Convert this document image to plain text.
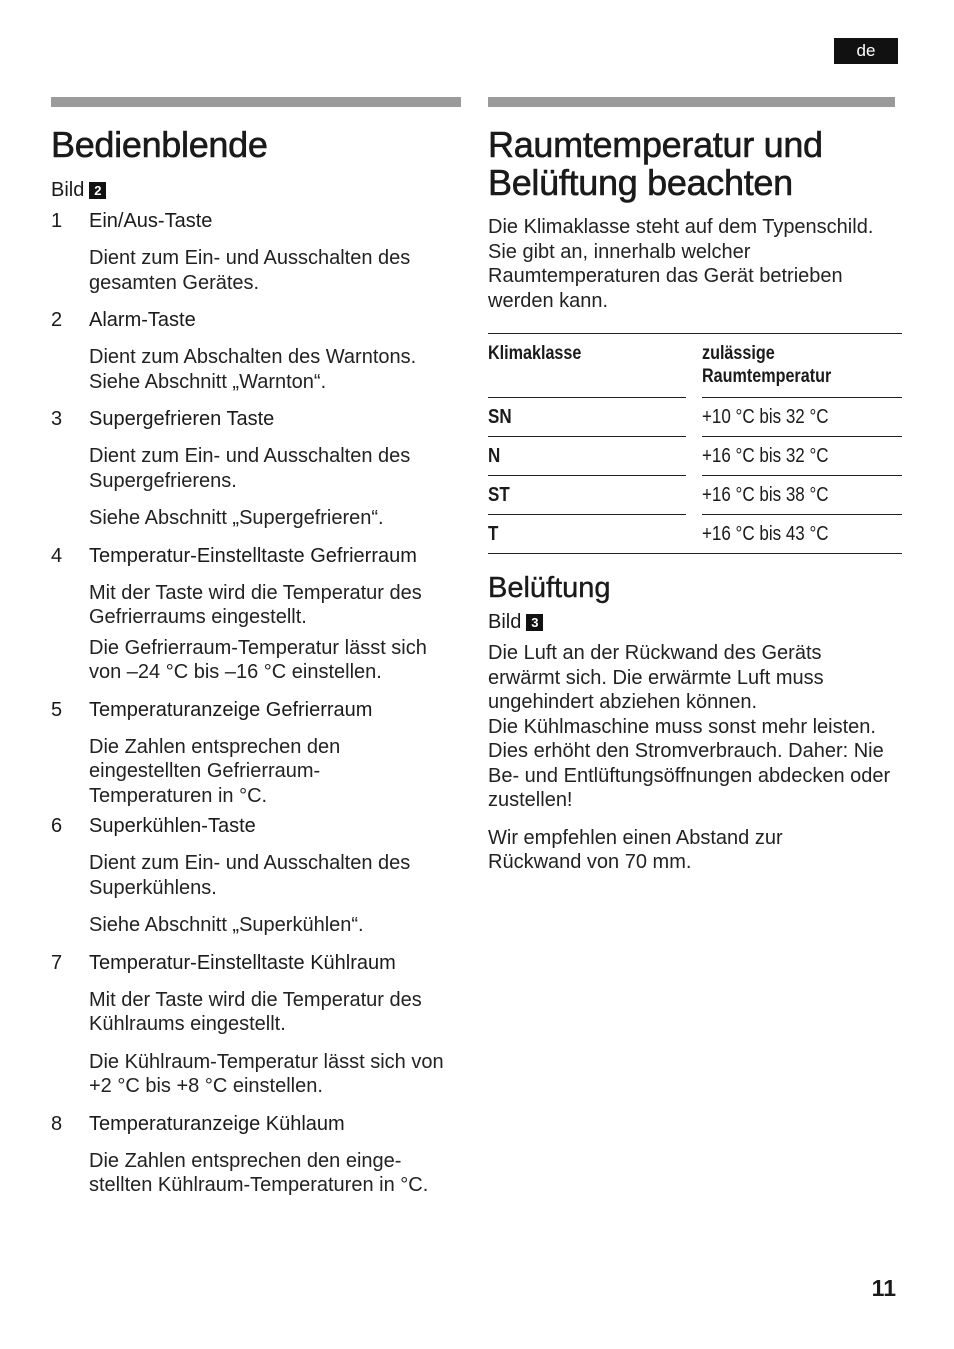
de
Bedienblende
Bild 2
1 Ein/Aus-Taste
Dient zum Ein- und Ausschalten des gesamten Gerätes.
2 Alarm-Taste
Dient zum Abschalten des Warntons. Siehe Abschnitt „Warnton“.
3 Supergefrieren Taste
Dient zum Ein- und Ausschalten des Supergefrierens.
Siehe Abschnitt „Supergefrieren“.
4 Temperatur-Einstelltaste Gefrierraum
Mit der Taste wird die Temperatur des Gefrierraums eingestellt.
Die Gefrierraum-Temperatur lässt sich von –24 °C bis –16 °C einstellen.
5 Temperaturanzeige Gefrierraum
Die Zahlen entsprechen den eingestellten Gefrierraum-Temperaturen in °C.
6 Superkühlen-Taste
Dient zum Ein- und Ausschalten des Superkühlens.
Siehe Abschnitt „Superkühlen“.
7 Temperatur-Einstelltaste Kühlraum
Mit der Taste wird die Temperatur des Kühlraums eingestellt.
Die Kühlraum-Temperatur lässt sich von +2 °C bis +8 °C einstellen.
8 Temperaturanzeige Kühlaum
Die Zahlen entsprechen den einge-stellten Kühlraum-Temperaturen in °C.
Raumtemperatur und
Belüftung beachten
Die Klimaklasse steht auf dem Typenschild. Sie gibt an, innerhalb welcher Raumtemperaturen das Gerät betrieben werden kann.
Klimaklasse		zulässige
Raumtemperatur
SN		+10 °C bis 32 °C
N		+16 °C bis 32 °C
ST		+16 °C bis 38 °C
T		+16 °C bis 43 °C
Belüftung
Bild 3
Die Luft an der Rückwand des Geräts erwärmt sich. Die erwärmte Luft muss ungehindert abziehen können.
Die Kühlmaschine muss sonst mehr leisten. Dies erhöht den Stromverbrauch. Daher: Nie Be- und Entlüftungsöffnungen abdecken oder zustellen!
Wir empfehlen einen Abstand zur Rückwand von 70 mm.
11
